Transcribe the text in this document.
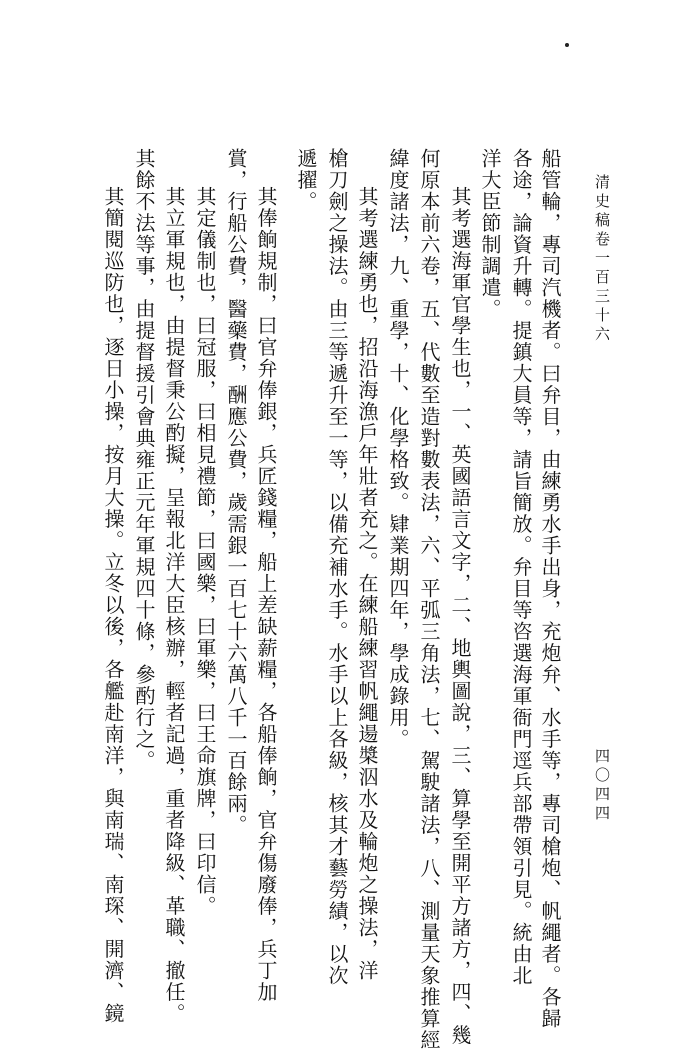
清史稿卷一百三十六
四〇四四
船管輪，專司汽機者。曰弁目，由練勇水手出身，充炮弁、水手等，專司槍炮、帆繩者。各歸
各途，論資升轉。提鎮大員等，請旨簡放。弁目等咨選海軍衙門逕兵部帶領引見。統由北
洋大臣節制調遣。
其考選海軍官學生也，一、英國語言文字，二、地輿圖說，三、算學至開平方諸方，四、幾
何原本前六卷，五、代數至造對數表法，六、平弧三角法，七、駕駛諸法，八、測量天象推算經
緯度諸法，九、重學，十、化學格致。肄業期四年，學成錄用。
其考選練勇也，招沿海漁戶年壯者充之。在練船練習帆繩逿槳泅水及輪炮之操法，洋
槍刀劍之操法。由三等遞升至一等，以備充補水手。水手以上各級，核其才藝勞績，以次
遞擢。
其俸餉規制，曰官弁俸銀，兵匠錢糧，船上差缺薪糧，各船俸餉，官弁傷廢俸，兵丁加
賞，行船公費，醫藥費，酬應公費，歲需銀一百七十六萬八千一百餘兩。
其定儀制也，曰冠服，曰相見禮節，曰國樂，曰軍樂，曰王命旗牌，曰印信。
其立軍規也，由提督秉公酌擬，呈報北洋大臣核辦，輕者記過，重者降級、革職、撤任。
其餘不法等事，由提督援引會典雍正元年軍規四十條，參酌行之。
其簡閱巡防也，逐日小操，按月大操。立冬以後，各艦赴南洋，與南瑞、南琛、開濟、鏡
